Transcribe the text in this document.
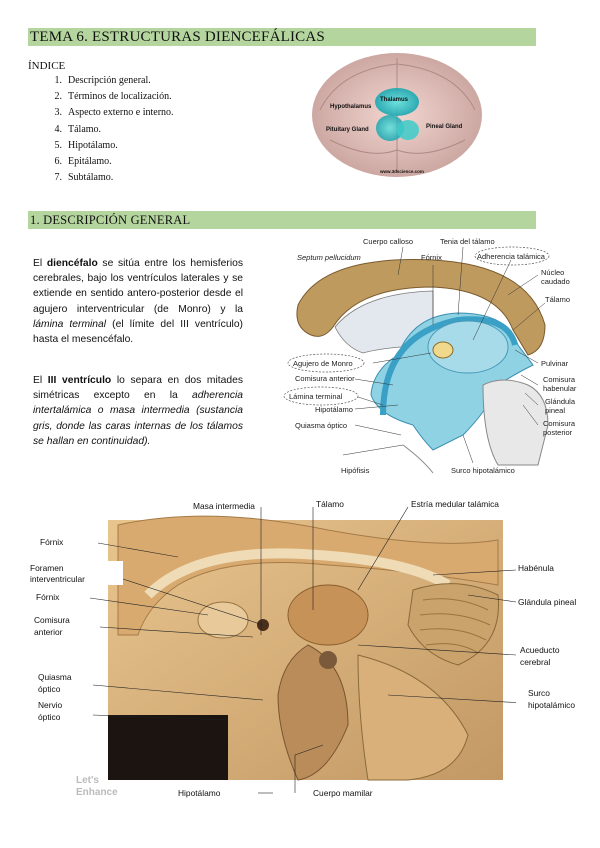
TEMA 6. ESTRUCTURAS DIENCEFÁLICAS
ÍNDICE
1. Descripción general.
2. Términos de localización.
3. Aspecto externo e interno.
4. Tálamo.
5. Hipotálamo.
6. Epitálamo.
7. Subtálamo.
Thalamus
Hypothalamus
Pituitary Gland	Pineal Gland
www.3dscience.com
1. DESCRIPCIÓN GENERAL
El diencéfalo se sitúa entre los hemisferios cerebrales, bajo los ventrículos laterales y se extiende en sentido antero-posterior desde el agujero interventricular (de Monro) y la lámina terminal (el límite del III ventrículo) hasta el mesencéfalo.
El III ventrículo lo separa en dos mitades simétricas excepto en la adherencia intertalámica o masa intermedia (sustancia gris, donde las caras internas de los tálamos se hallan en continuidad).
Cuerpo calloso	Tenia del tálamo
Septum pellucidum	Fórnix	Adherencia talámica
Núcleo
caudado
Tálamo
Agujero de Monro	Pulvinar
Comisura anterior	Comisura
habenular
Lámina terminal
Glándula
pineal
Hipotálamo
Comisura
posterior
Quiasma óptico
Hipófisis	Surco hipotalámico
Masa intermedia	Tálamo	Estría medular talámica
Fórnix
Foramen
interventricular
Fórnix
Comisura
anterior
Habénula
Glándula pineal
Acueducto
cerebral
Quiasma
óptico
Nervio
óptico
Surco
hipotalámico
Hipotálamo	Cuerpo mamilar
Let's
Enhance
